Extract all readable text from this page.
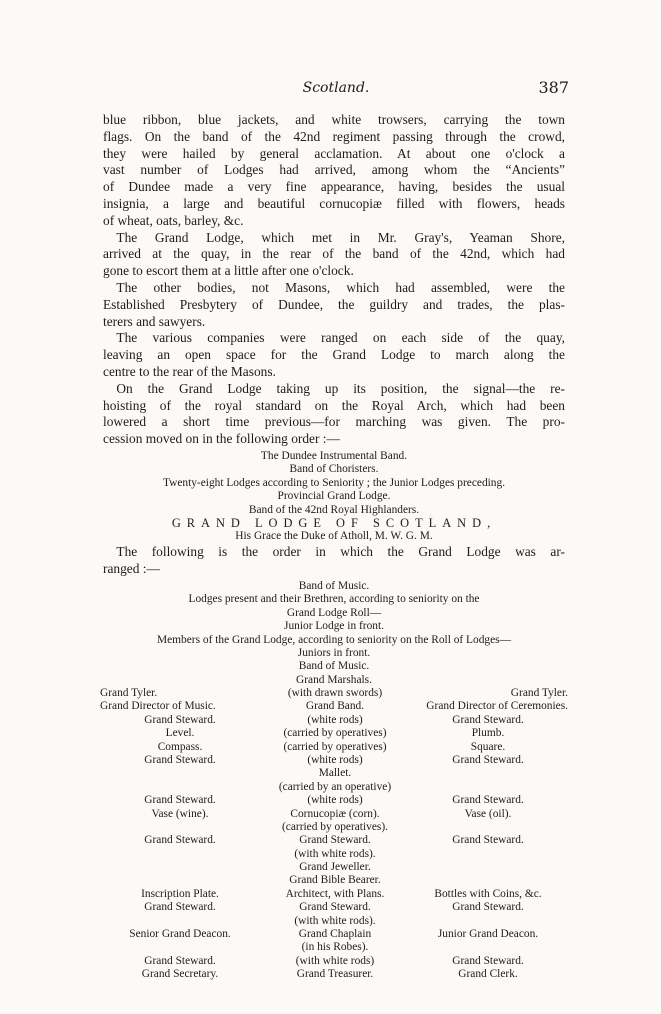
Scotland.	387
blue ribbon, blue jackets, and white trowsers, carrying the town
flags. On the band of the 42nd regiment passing through the crowd,
they were hailed by general acclamation. At about one o'clock a
vast number of Lodges had arrived, among whom the “Ancients”
of Dundee made a very fine appearance, having, besides the usual
insignia, a large and beautiful cornucopiæ filled with flowers, heads
of wheat, oats, barley, &c.
 The Grand Lodge, which met in Mr. Gray's, Yeaman Shore,
arrived at the quay, in the rear of the band of the 42nd, which had
gone to escort them at a little after one o'clock.
 The other bodies, not Masons, which had assembled, were the
Established Presbytery of Dundee, the guildry and trades, the plas-
terers and sawyers.
 The various companies were ranged on each side of the quay,
leaving an open space for the Grand Lodge to march along the
centre to the rear of the Masons.
 On the Grand Lodge taking up its position, the signal—the re-
hoisting of the royal standard on the Royal Arch, which had been
lowered a short time previous—for marching was given. The pro-
cession moved on in the following order :—
The Dundee Instrumental Band.
Band of Choristers.
Twenty-eight Lodges according to Seniority ; the Junior Lodges preceding.
Provincial Grand Lodge.
Band of the 42nd Royal Highlanders.
GRAND LODGE OF SCOTLAND,
His Grace the Duke of Atholl, M. W. G. M.
 The following is the order in which the Grand Lodge was ar-
ranged :—
Band of Music.
Lodges present and their Brethren, according to seniority on the
Grand Lodge Roll—
Junior Lodge in front.
Members of the Grand Lodge, according to seniority on the Roll of Lodges—
Juniors in front.
Band of Music.
Grand Marshals.
Grand Tyler.	(with drawn swords)	Grand Tyler.
Grand Director of Music.	Grand Band.	Grand Director of Ceremonies.
Grand Steward.	(white rods)	Grand Steward.
Level.	(carried by operatives)	Plumb.
Compass.	(carried by operatives)	Square.
Grand Steward.	(white rods)	Grand Steward.
Mallet.
(carried by an operative)
Grand Steward.	(white rods)	Grand Steward.
Vase (wine).	Cornucopiæ (corn).	Vase (oil).
(carried by operatives).
Grand Steward.	Grand Steward.	Grand Steward.
(with white rods).
Grand Jeweller.
Grand Bible Bearer.
Inscription Plate.	Architect, with Plans.	Bottles with Coins, &c.
Grand Steward.	Grand Steward.	Grand Steward.
(with white rods).
Senior Grand Deacon.	Grand Chaplain	Junior Grand Deacon.
(in his Robes).
Grand Steward.	(with white rods)	Grand Steward.
Grand Secretary.	Grand Treasurer.	Grand Clerk.
